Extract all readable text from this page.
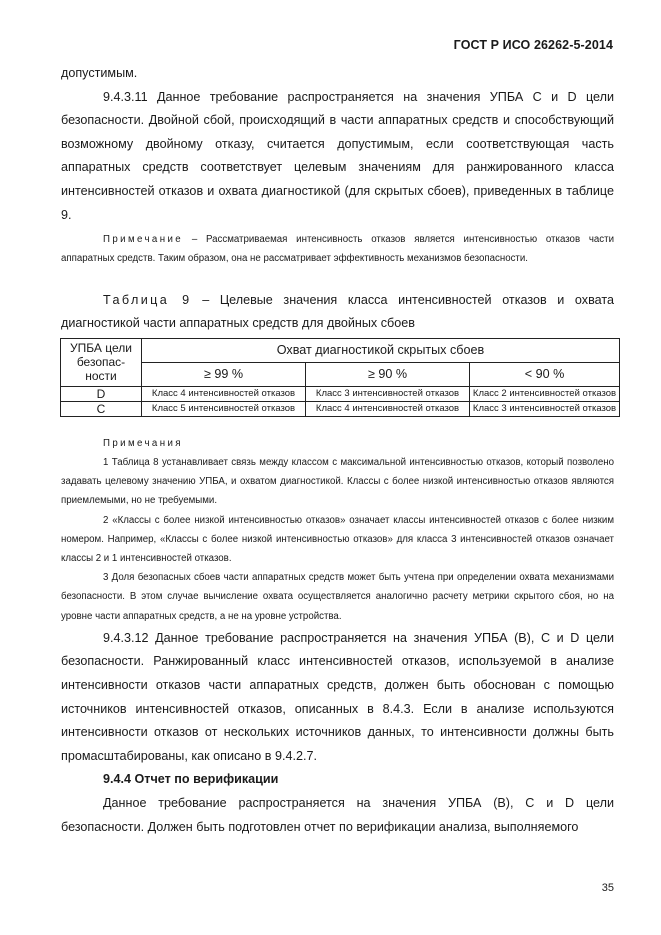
ГОСТ Р ИСО 26262-5-2014
допустимым.
9.4.3.11 Данное требование распространяется на значения УПБА С и D цели безопасности. Двойной сбой, происходящий в части аппаратных средств и способствующий возможному двойному отказу, считается допустимым, если соответствующая часть аппаратных средств соответствует целевым значениям для ранжированного класса интенсивностей отказов и охвата диагностикой (для скрытых сбоев), приведенных в таблице 9.
Примечание – Рассматриваемая интенсивность отказов является интенсивностью отказов части аппаратных средств. Таким образом, она не рассматривает эффективность механизмов безопасности.
Таблица 9 – Целевые значения класса интенсивностей отказов и охвата диагностикой части аппаратных средств для двойных сбоев
УПБА цели безопас-ности	Охват диагностикой скрытых сбоев		
	≥ 99 %	≥ 90 %	< 90 %
D	Класс 4 интенсивностей отказов	Класс 3 интенсивностей отказов	Класс 2 интенсивностей отказов
С	Класс 5 интенсивностей отказов	Класс 4 интенсивностей отказов	Класс 3 интенсивностей отказов
Примечания
1 Таблица 8 устанавливает связь между классом с максимальной интенсивностью отказов, который позволено задавать целевому значению УПБА, и охватом диагностикой. Классы с более низкой интенсивностью отказов являются приемлемыми, но не требуемыми.
2 «Классы с более низкой интенсивностью отказов» означает классы интенсивностей отказов с более низким номером. Например, «Классы с более низкой интенсивностью отказов» для класса 3 интенсивностей отказов означает классы 2 и 1 интенсивностей отказов.
3 Доля безопасных сбоев части аппаратных средств может быть учтена при определении охвата механизмами безопасности. В этом случае вычисление охвата осуществляется аналогично расчету метрики скрытого сбоя, но на уровне части аппаратных средств, а не на уровне устройства.
9.4.3.12 Данное требование распространяется на значения УПБА (В), С и D цели безопасности. Ранжированный класс интенсивностей отказов, используемой в анализе интенсивности отказов части аппаратных средств, должен быть обоснован с помощью источников интенсивностей отказов, описанных в 8.4.3. Если в анализе используются интенсивности отказов от нескольких источников данных, то интенсивности должны быть промасштабированы, как описано в 9.4.2.7.
9.4.4 Отчет по верификации
Данное требование распространяется на значения УПБА (В), С и D цели безопасности. Должен быть подготовлен отчет по верификации анализа, выполняемого
35
